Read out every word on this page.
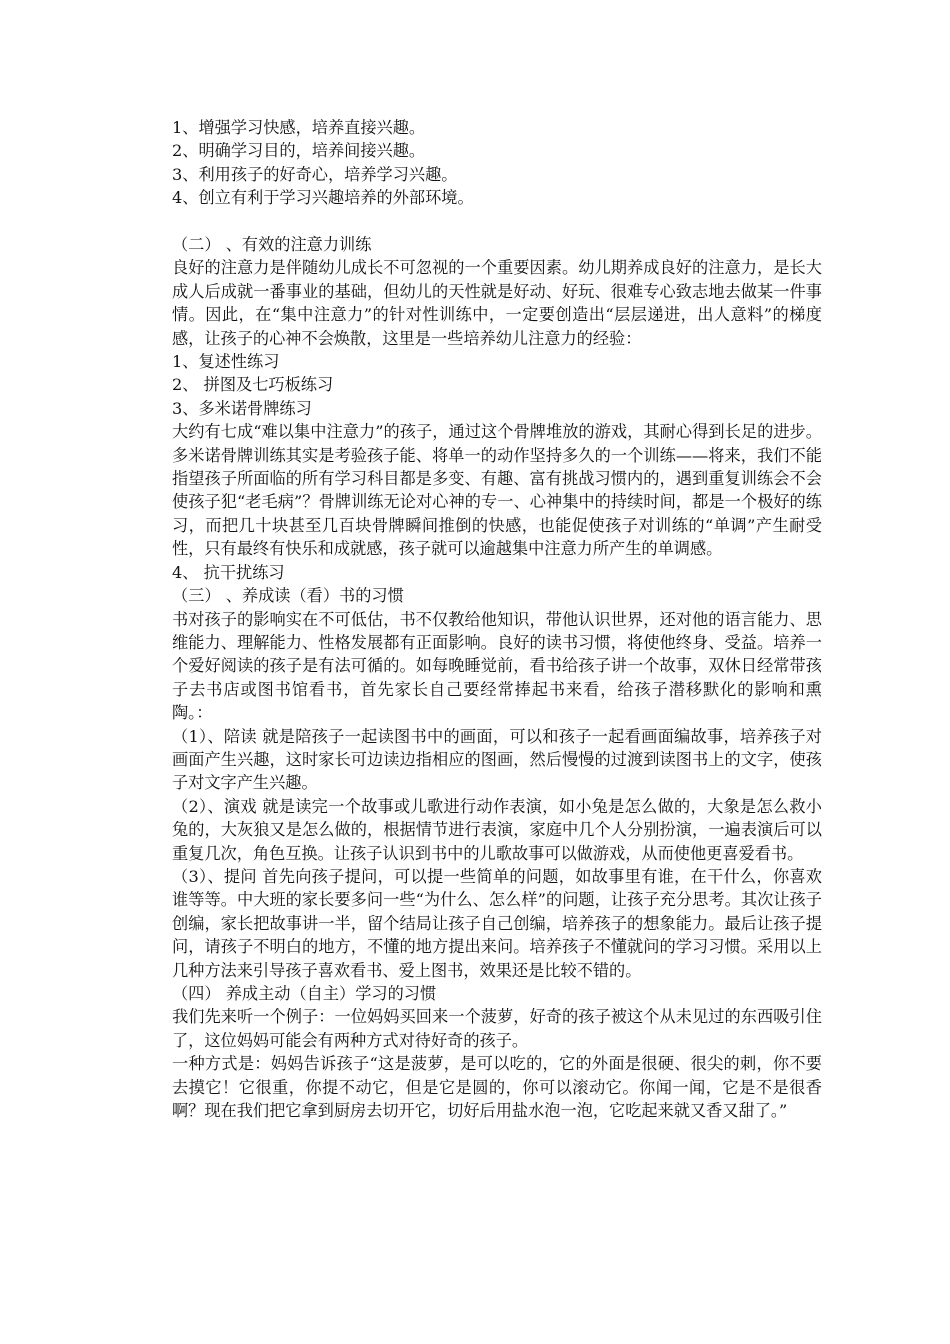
1、增强学习快感，培养直接兴趣。

2、明确学习目的，培养间接兴趣。

3、利用孩子的好奇心，培养学习兴趣。

4、创立有利于学习兴趣培养的外部环境。

（二） 、有效的注意力训练

良好的注意力是伴随幼儿成长不可忽视的一个重要因素。幼儿期养成良好的注意力，是长大成人后成就一番事业的基础，但幼儿的天性就是好动、好玩、很难专心致志地去做某一件事情。因此，在“集中注意力”的针对性训练中，一定要创造出“层层递进，出人意料”的梯度感，让孩子的心神不会焕散，这里是一些培养幼儿注意力的经验：

1、复述性练习

2、 拼图及七巧板练习

3、多米诺骨牌练习

大约有七成“难以集中注意力”的孩子，通过这个骨牌堆放的游戏，其耐心得到长足的进步。多米诺骨牌训练其实是考验孩子能、将单一的动作坚持多久的一个训练——将来，我们不能指望孩子所面临的所有学习科目都是多变、有趣、富有挑战习惯内的，遇到重复训练会不会使孩子犯“老毛病”？骨牌训练无论对心神的专一、心神集中的持续时间，都是一个极好的练习，而把几十块甚至几百块骨牌瞬间推倒的快感，也能促使孩子对训练的“单调”产生耐受性，只有最终有快乐和成就感，孩子就可以逾越集中注意力所产生的单调感。

4、 抗干扰练习

（三） 、养成读（看）书的习惯

书对孩子的影响实在不可低估，书不仅教给他知识，带他认识世界，还对他的语言能力、思维能力、理解能力、性格发展都有正面影响。良好的读书习惯，将使他终身、受益。培养一个爱好阅读的孩子是有法可循的。如每晚睡觉前，看书给孩子讲一个故事，双休日经常带孩子去书店或图书馆看书，首先家长自己要经常捧起书来看，给孩子潜移默化的影响和熏陶。：

（1）、陪读 就是陪孩子一起读图书中的画面，可以和孩子一起看画面编故事，培养孩子对画面产生兴趣，这时家长可边读边指相应的图画，然后慢慢的过渡到读图书上的文字，使孩子对文字产生兴趣。

（2）、演戏 就是读完一个故事或儿歌进行动作表演，如小兔是怎么做的，大象是怎么救小兔的，大灰狼又是怎么做的，根据情节进行表演，家庭中几个人分别扮演，一遍表演后可以重复几次，角色互换。让孩子认识到书中的儿歌故事可以做游戏，从而使他更喜爱看书。

（3）、提问 首先向孩子提问，可以提一些简单的问题，如故事里有谁，在干什么，你喜欢谁等等。中大班的家长要多问一些“为什么、怎么样”的问题，让孩子充分思考。其次让孩子创编，家长把故事讲一半，留个结局让孩子自己创编，培养孩子的想象能力。最后让孩子提问，请孩子不明白的地方，不懂的地方提出来问。培养孩子不懂就问的学习习惯。采用以上几种方法来引导孩子喜欢看书、爱上图书，效果还是比较不错的。

（四） 养成主动（自主）学习的习惯

我们先来听一个例子：一位妈妈买回来一个菠萝，好奇的孩子被这个从未见过的东西吸引住了，这位妈妈可能会有两种方式对待好奇的孩子。

一种方式是：妈妈告诉孩子“这是菠萝，是可以吃的，它的外面是很硬、很尖的刺，你不要去摸它！它很重，你提不动它，但是它是圆的，你可以滚动它。你闻一闻，它是不是很香啊？现在我们把它拿到厨房去切开它，切好后用盐水泡一泡，它吃起来就又香又甜了。”
